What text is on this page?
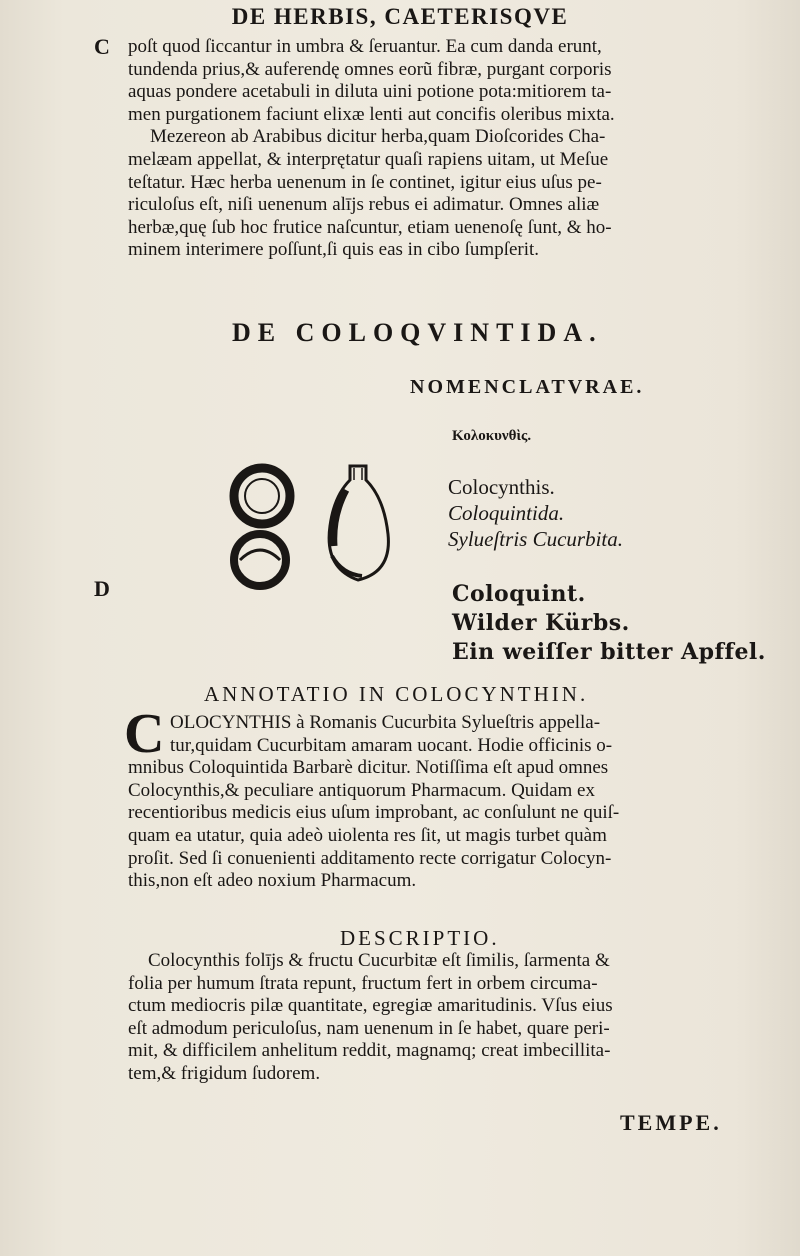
DE HERBIS, CAETERISQVE
C poſt quod ſiccantur in umbra & ſeruantur. Ea cum danda erunt,
tundenda prius,& auferendę omnes eorũ fibræ, purgant corporis
aquas pondere acetabuli in diluta uini potione pota:mitiorem ta-
men purgationem faciunt elixæ lenti aut concifis oleribus mixta.
Mezereon ab Arabibus dicitur herba,quam Dioſcorides Cha-
melæam appellat, & interprętatur quaſi rapiens uitam, ut Meſue
teſtatur. Hæc herba uenenum in ſe continet, igitur eius uſus pe-
riculoſus eſt, niſi uenenum alījs rebus ei adimatur. Omnes aliæ
herbæ,quę ſub hoc frutice naſcuntur, etiam uenenoſę ſunt, & ho-
minem interimere poſſunt,ſi quis eas in cibo ſumpſerit.
DE COLOQVINTIDA.
NOMENCLATVRAE.
Κολοκυνθὶς.
Colocynthis.
Coloquintida.
Sylueſtris Cucurbita.
D	Coloquint.
Wilder Kürbs.
Ein weiſſer bitter Apffel.
ANNOTATIO IN COLOCYNTHIN.
C OLOCYNTHIS à Romanis Cucurbita Sylueſtris appella-
tur,quidam Cucurbitam amaram uocant. Hodie officinis o-
mnibus Coloquintida Barbarè dicitur. Notiſſima eſt apud omnes
Colocynthis,& peculiare antiquorum Pharmacum. Quidam ex
recentioribus medicis eius uſum improbant, ac conſulunt ne quiſ-
quam ea utatur, quia adeò uiolenta res ſit, ut magis turbet quàm
proſit. Sed ſi conuenienti additamento recte corrigatur Colocyn-
this,non eſt adeo noxium Pharmacum.
DESCRIPTIO.
Colocynthis folījs & fructu Cucurbitæ eſt ſimilis, ſarmenta &
folia per humum ſtrata repunt, fructum fert in orbem circuma-
ctum mediocris pilæ quantitate, egregiæ amaritudinis. Vſus eius
eſt admodum periculoſus, nam uenenum in ſe habet, quare peri-
mit, & difficilem anhelitum reddit, magnamq; creat imbecillita-
tem,& frigidum ſudorem.
TEMPE.
